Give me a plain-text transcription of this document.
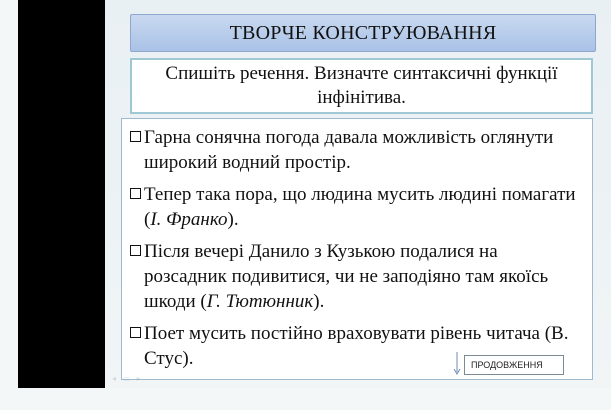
ТВОРЧЕ КОНСТРУЮВАННЯ
Спишіть речення. Визначте синтаксичні функції інфінітива.
Гарна сонячна погода давала можливість оглянути широкий водний простір.
Тепер така пора, що людина мусить людині помагати (І. Франко).
Після вечері Данило з Кузькою подалися на розсадник подивитися, чи не заподіяно там якоїсь шкоди (Г. Тютюнник).
Поет мусить постійно враховувати рівень читача (В. Стус).	ПРОДОВЖЕННЯ
◂ ▭ ▸
